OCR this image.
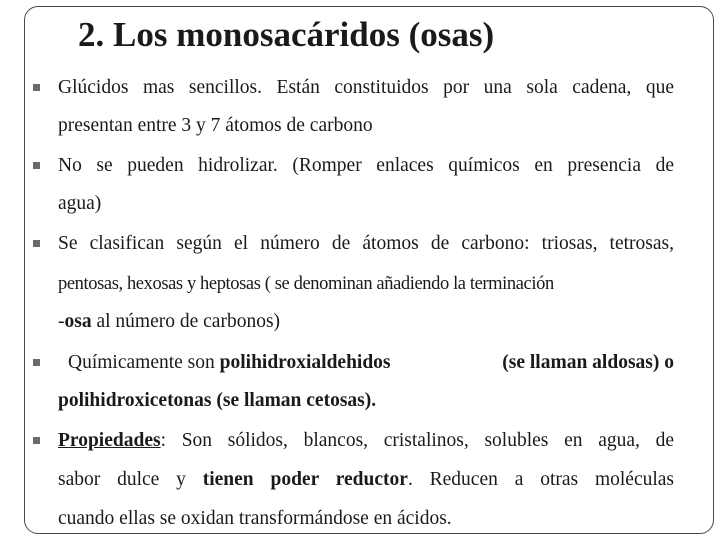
2. Los monosacáridos (osas)
Glúcidos mas sencillos. Están constituidos por una sola cadena, que
presentan entre 3 y 7 átomos de carbono
No se pueden hidrolizar. (Romper enlaces químicos en presencia de
agua)
Se clasifican según el número de átomos de carbono: triosas, tetrosas,
pentosas, hexosas y heptosas ( se denominan añadiendo la terminación
-osa al número de carbonos)
Químicamente son polihidroxialdehidos	(se llaman aldosas) o
polihidroxicetonas (se llaman cetosas).
Propiedades: Son sólidos, blancos, cristalinos, solubles en agua, de
sabor dulce y tienen poder reductor. Reducen a otras moléculas
cuando ellas se oxidan transformándose en ácidos.
